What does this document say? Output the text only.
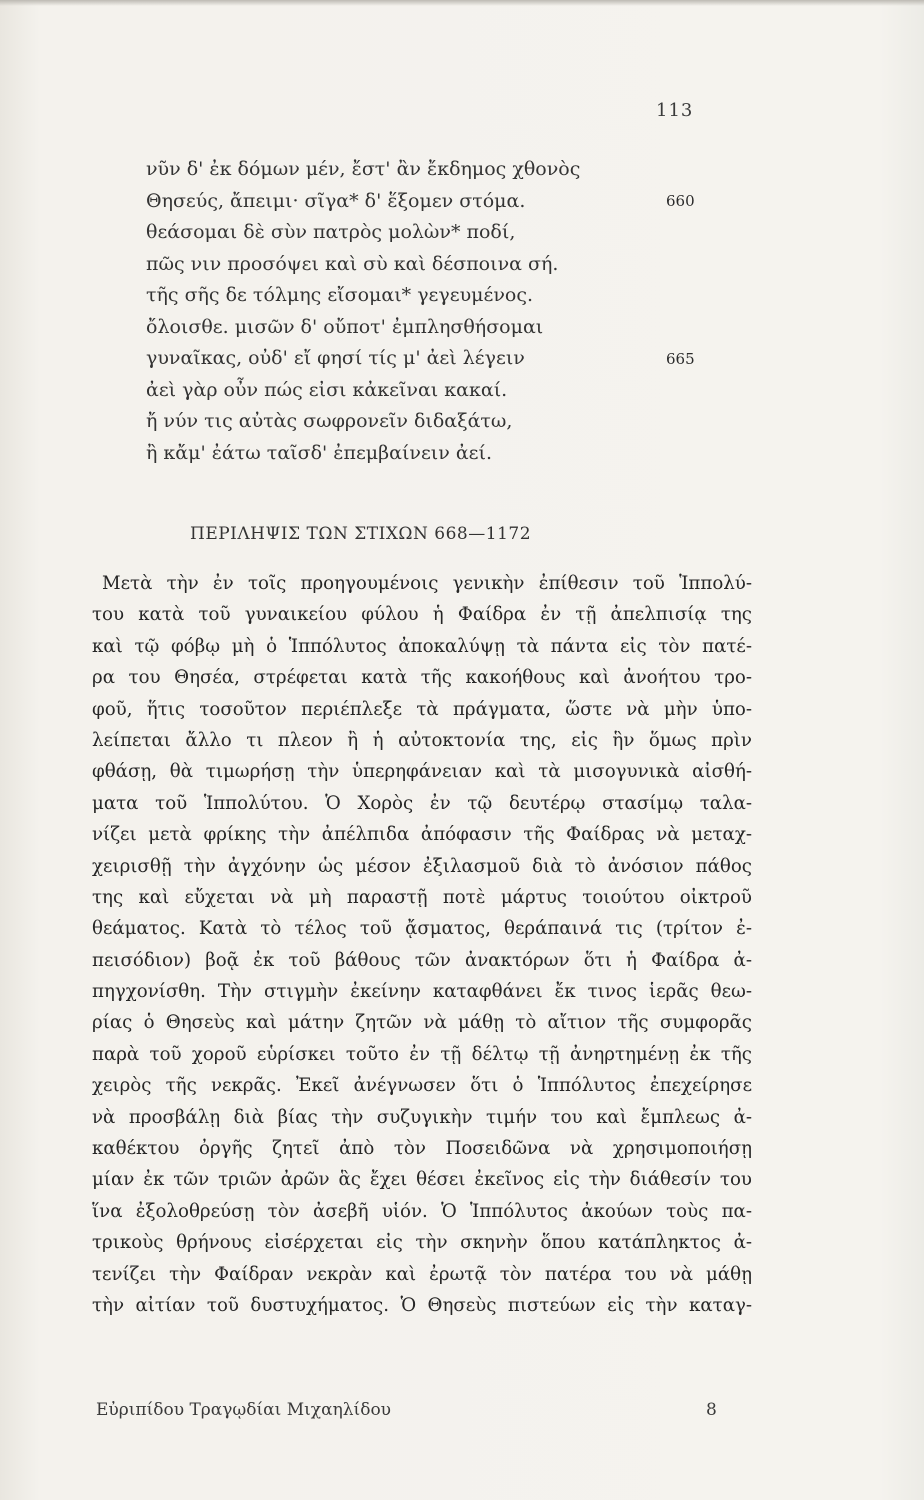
113
νῦν δ' ἐκ δόμων μέν, ἔστ' ἂν ἔκδημος χθονὸς
Θησεύς, ἄπειμι· σῖγα* δ' ἕξομεν στόμα.
θεάσομαι δὲ σὺν πατρὸς μολὼν* ποδί,
πῶς νιν προσόψει καὶ σὺ καὶ δέσποινα σή.
τῆς σῆς δε τόλμης εἴσομαι* γεγευμένος.
ὄλοισθε. μισῶν δ' οὔποτ' ἐμπλησθήσομαι
γυναῖκας, οὐδ' εἴ φησί τίς μ' ἀεὶ λέγειν
ἀεὶ γὰρ οὖν πώς εἰσι κἀκεῖναι κακαί.
ἤ νύν τις αὐτὰς σωφρονεῖν διδαξάτω,
ἢ κἄμ' ἐάτω ταῖσδ' ἐπεμβαίνειν ἀεί.
660
665
ΠΕΡΙΛΗΨΙΣ ΤΩΝ ΣΤΙΧΩΝ 668—1172
Μετὰ τὴν ἐν τοῖς προηγουμένοις γενικὴν ἐπίθεσιν τοῦ Ἱππολύ-
του κατὰ τοῦ γυναικείου φύλου ἡ Φαίδρα ἐν τῇ ἀπελπισίᾳ της
καὶ τῷ φόβῳ μὴ ὁ Ἱππόλυτος ἀποκαλύψῃ τὰ πάντα εἰς τὸν πατέ-
ρα του Θησέα, στρέφεται κατὰ τῆς κακοήθους καὶ ἀνοήτου τρο-
φοῦ, ἥτις τοσοῦτον περιέπλεξε τὰ πράγματα, ὥστε νὰ μὴν ὑπο-
λείπεται ἄλλο τι πλεον ἢ ἡ αὐτοκτονία της, εἰς ἣν ὅμως πρὶν
φθάσῃ, θὰ τιμωρήσῃ τὴν ὑπερηφάνειαν καὶ τὰ μισογυνικὰ αἰσθή-
ματα τοῦ Ἱππολύτου. Ὁ Χορὸς ἐν τῷ δευτέρῳ στασίμῳ ταλα-
νίζει μετὰ φρίκης τὴν ἀπέλπιδα ἀπόφασιν τῆς Φαίδρας νὰ μεταχ-
χειρισθῇ τὴν ἀγχόνην ὡς μέσον ἐξιλασμοῦ διὰ τὸ ἀνόσιον πάθος
της καὶ εὔχεται νὰ μὴ παραστῇ ποτὲ μάρτυς τοιούτου οἰκτροῦ
θεάματος. Κατὰ τὸ τέλος τοῦ ᾄσματος, θεράπαινά τις (τρίτον ἐ-
πεισόδιον) βοᾷ ἐκ τοῦ βάθους τῶν ἀνακτόρων ὅτι ἡ Φαίδρα ἀ-
πηγχονίσθη. Τὴν στιγμὴν ἐκείνην καταφθάνει ἔκ τινος ἱερᾶς θεω-
ρίας ὁ Θησεὺς καὶ μάτην ζητῶν νὰ μάθῃ τὸ αἴτιον τῆς συμφορᾶς
παρὰ τοῦ χοροῦ εὑρίσκει τοῦτο ἐν τῇ δέλτῳ τῇ ἀνηρτημένῃ ἐκ τῆς
χειρὸς τῆς νεκρᾶς. Ἐκεῖ ἀνέγνωσεν ὅτι ὁ Ἱππόλυτος ἐπεχείρησε
νὰ προσβάλῃ διὰ βίας τὴν συζυγικὴν τιμήν του καὶ ἔμπλεως ἀ-
καθέκτου ὀργῆς ζητεῖ ἀπὸ τὸν Ποσειδῶνα νὰ χρησιμοποιήσῃ
μίαν ἐκ τῶν τριῶν ἀρῶν ἃς ἔχει θέσει ἐκεῖνος εἰς τὴν διάθεσίν του
ἵνα ἐξολοθρεύσῃ τὸν ἀσεβῆ υἱόν. Ὁ Ἱππόλυτος ἀκούων τοὺς πα-
τρικοὺς θρήνους εἰσέρχεται εἰς τὴν σκηνὴν ὅπου κατάπληκτος ἀ-
τενίζει τὴν Φαίδραν νεκρὰν καὶ ἐρωτᾷ τὸν πατέρα του νὰ μάθῃ
τὴν αἰτίαν τοῦ δυστυχήματος. Ὁ Θησεὺς πιστεύων εἰς τὴν καταγ-
Εὐριπίδου Τραγῳδίαι Μιχαηλίδου	8
